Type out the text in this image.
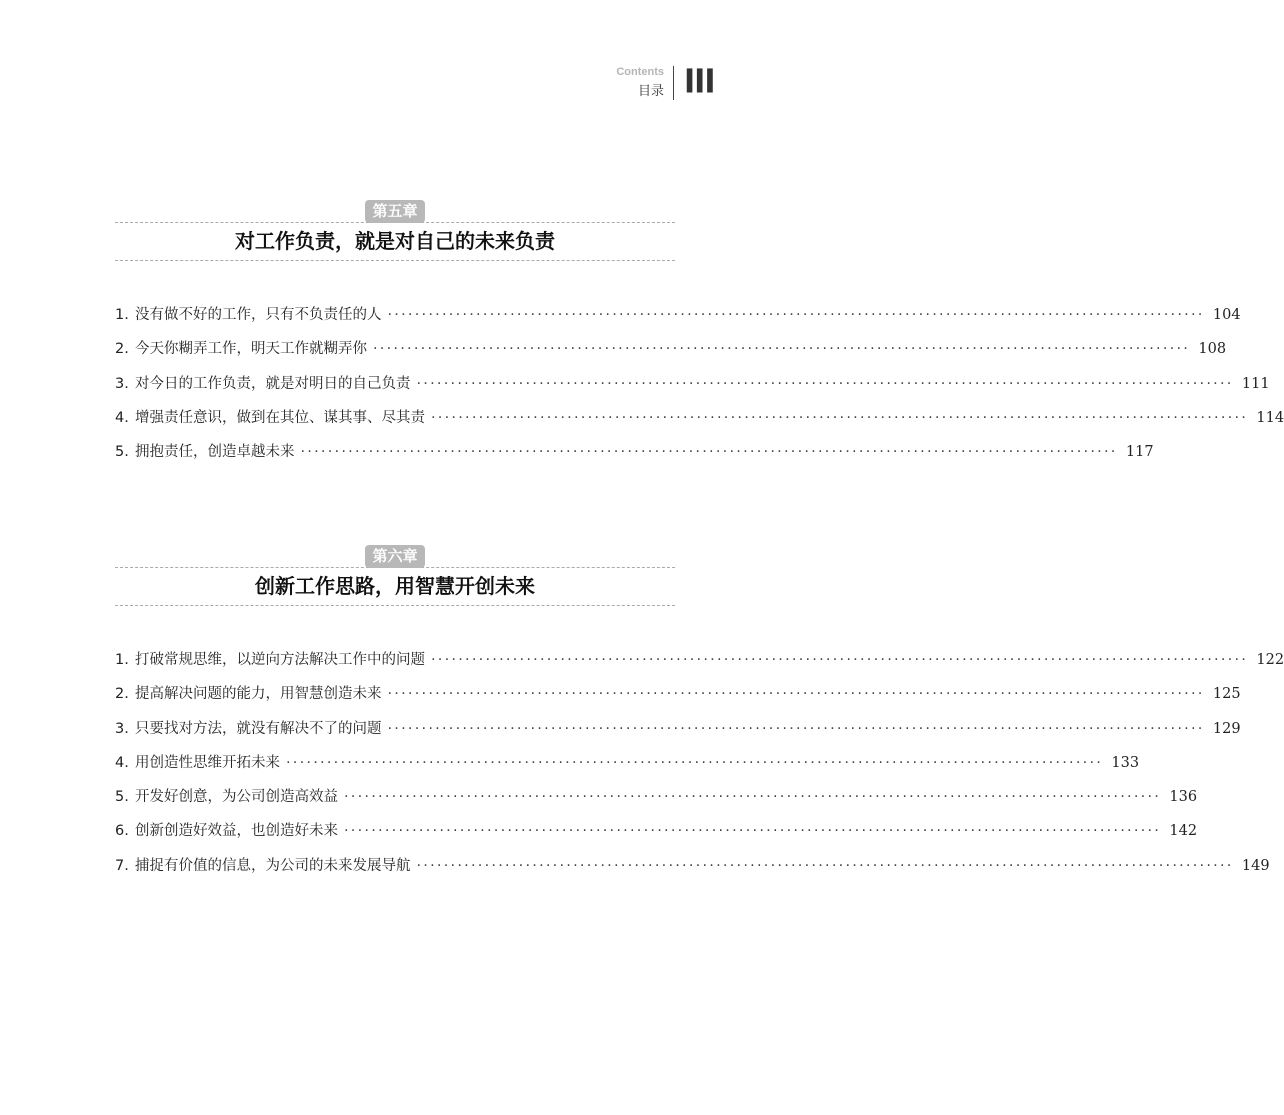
Contents
目录 III
第五章
对工作负责，就是对自己的未来负责
1. 没有做不好的工作，只有不负责任的人 ························································································································ 104
2. 今天你糊弄工作，明天工作就糊弄你 ························································································································ 108
3. 对今日的工作负责，就是对明日的自己负责 ························································································································ 111
4. 增强责任意识，做到在其位、谋其事、尽其责 ························································································································ 114
5. 拥抱责任，创造卓越未来 ························································································································ 117
第六章
创新工作思路，用智慧开创未来
1. 打破常规思维，以逆向方法解决工作中的问题 ························································································································ 122
2. 提高解决问题的能力，用智慧创造未来 ························································································································ 125
3. 只要找对方法，就没有解决不了的问题 ························································································································ 129
4. 用创造性思维开拓未来 ························································································································ 133
5. 开发好创意，为公司创造高效益 ························································································································ 136
6. 创新创造好效益，也创造好未来 ························································································································ 142
7. 捕捉有价值的信息，为公司的未来发展导航 ························································································································ 149
